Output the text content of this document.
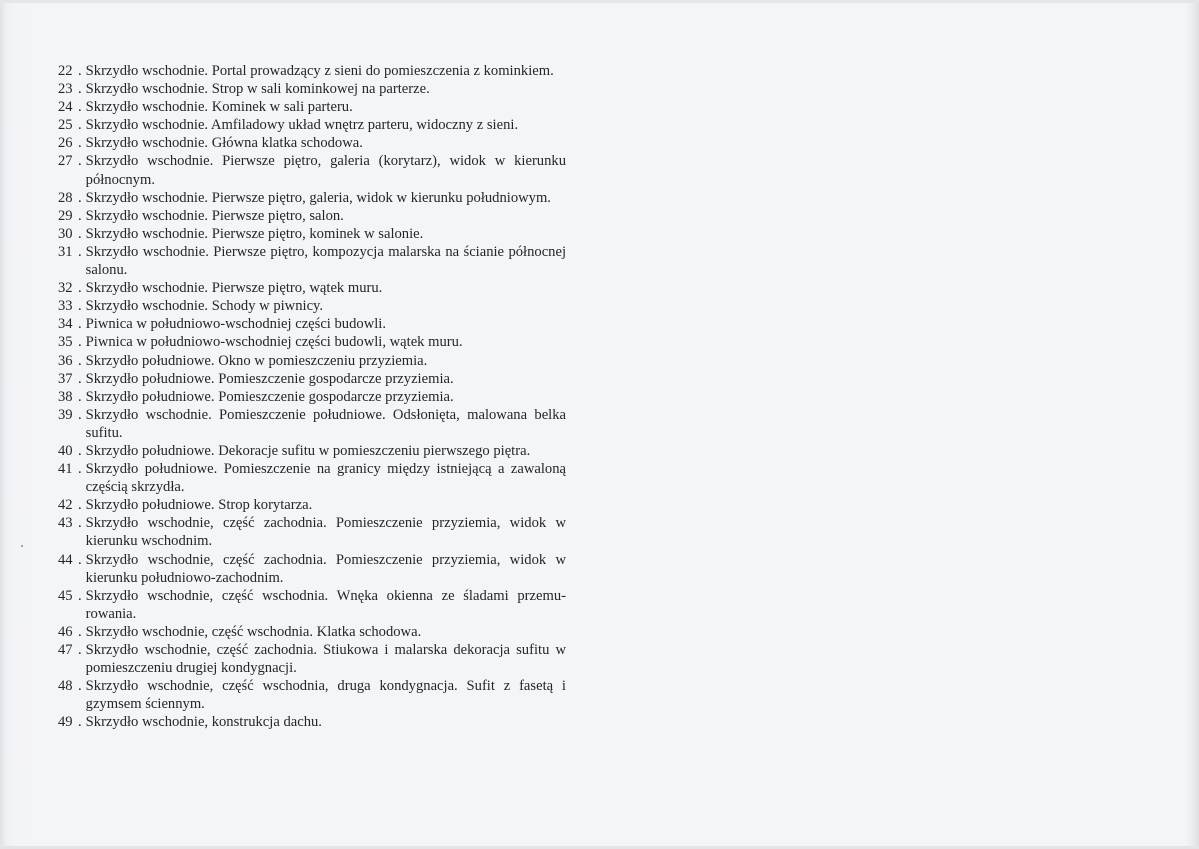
22 . Skrzydło wschodnie. Portal prowadzący z sieni do pomieszczenia z kominkiem.
23 . Skrzydło wschodnie. Strop w sali kominkowej na parterze.
24 . Skrzydło wschodnie. Kominek w sali parteru.
25 . Skrzydło wschodnie. Amfiladowy układ wnętrz parteru, widoczny z sieni.
26 . Skrzydło wschodnie. Główna klatka schodowa.
27 . Skrzydło wschodnie. Pierwsze piętro, galeria (korytarz), widok w kierunku północnym.
28 . Skrzydło wschodnie. Pierwsze piętro, galeria, widok w kierunku południowym.
29 . Skrzydło wschodnie. Pierwsze piętro, salon.
30 . Skrzydło wschodnie. Pierwsze piętro, kominek w salonie.
31 . Skrzydło wschodnie. Pierwsze piętro, kompozycja malarska na ścianie północnej salonu.
32 . Skrzydło wschodnie. Pierwsze piętro, wątek muru.
33 . Skrzydło wschodnie. Schody w piwnicy.
34 . Piwnica w południowo-wschodniej części budowli.
35 . Piwnica w południowo-wschodniej części budowli, wątek muru.
36 . Skrzydło południowe. Okno w pomieszczeniu przyziemia.
37 . Skrzydło południowe. Pomieszczenie gospodarcze przyziemia.
38 . Skrzydło południowe. Pomieszczenie gospodarcze przyziemia.
39 . Skrzydło wschodnie. Pomieszczenie południowe. Odsłonięta, malowana belka sufitu.
40 . Skrzydło południowe. Dekoracje sufitu w pomieszczeniu pierwszego piętra.
41 . Skrzydło południowe. Pomieszczenie na granicy między istniejącą a zawaloną częścią skrzydła.
42 . Skrzydło południowe. Strop korytarza.
43 . Skrzydło wschodnie, część zachodnia. Pomieszczenie przyziemia, widok w kierunku wschodnim.
44 . Skrzydło wschodnie, część zachodnia. Pomieszczenie przyziemia, widok w kierunku południowo-zachodnim.
45 . Skrzydło wschodnie, część wschodnia. Wnęka okienna ze śladami przemurowania.
46 . Skrzydło wschodnie, część wschodnia. Klatka schodowa.
47 . Skrzydło wschodnie, część zachodnia. Stiukowa i malarska dekoracja sufitu w pomieszczeniu drugiej kondygnacji.
48 . Skrzydło wschodnie, część wschodnia, druga kondygnacja. Sufit z fasetą i gzymsem ściennym.
49 . Skrzydło wschodnie, konstrukcja dachu.
